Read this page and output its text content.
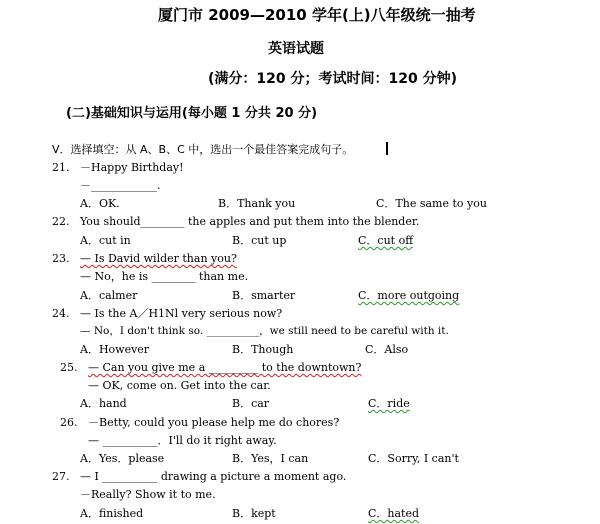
厦门市 2009—2010 学年(上)八年级统一抽考
英语试题
(满分：120 分；考试时间：120 分钟)
(二)基础知识与运用(每小题 1 分共 20 分)
V．选择填空：从 A、B、C 中，选出一个最佳答案完成句子。
21. －Happy Birthday!
－____________.
A．OK.	B．Thank you	C．The same to you
22. You should________ the apples and put them into the blender.
A．cut in	B．cut up	C．cut off
23. — Is David wilder than you?
— No，he is ________ than me.
A．calmer	B．smarter	C．more outgoing
24. — Is the A／H1Nl very serious now?
— No，I don't think so. __________，we still need to be careful with it.
A．However	B．Though	C．Also
25. — Can you give me a _________ to the downtown?
— OK, come on. Get into the car.
A．hand	B．car	C．ride
26. －Betty, could you please help me do chores?
— __________．I'll do it right away.
A．Yes．please	B．Yes，I can	C．Sorry, I can't
27. — I __________ drawing a picture a moment ago.
－Really? Show it to me.
A．finished	B．kept	C．hated
